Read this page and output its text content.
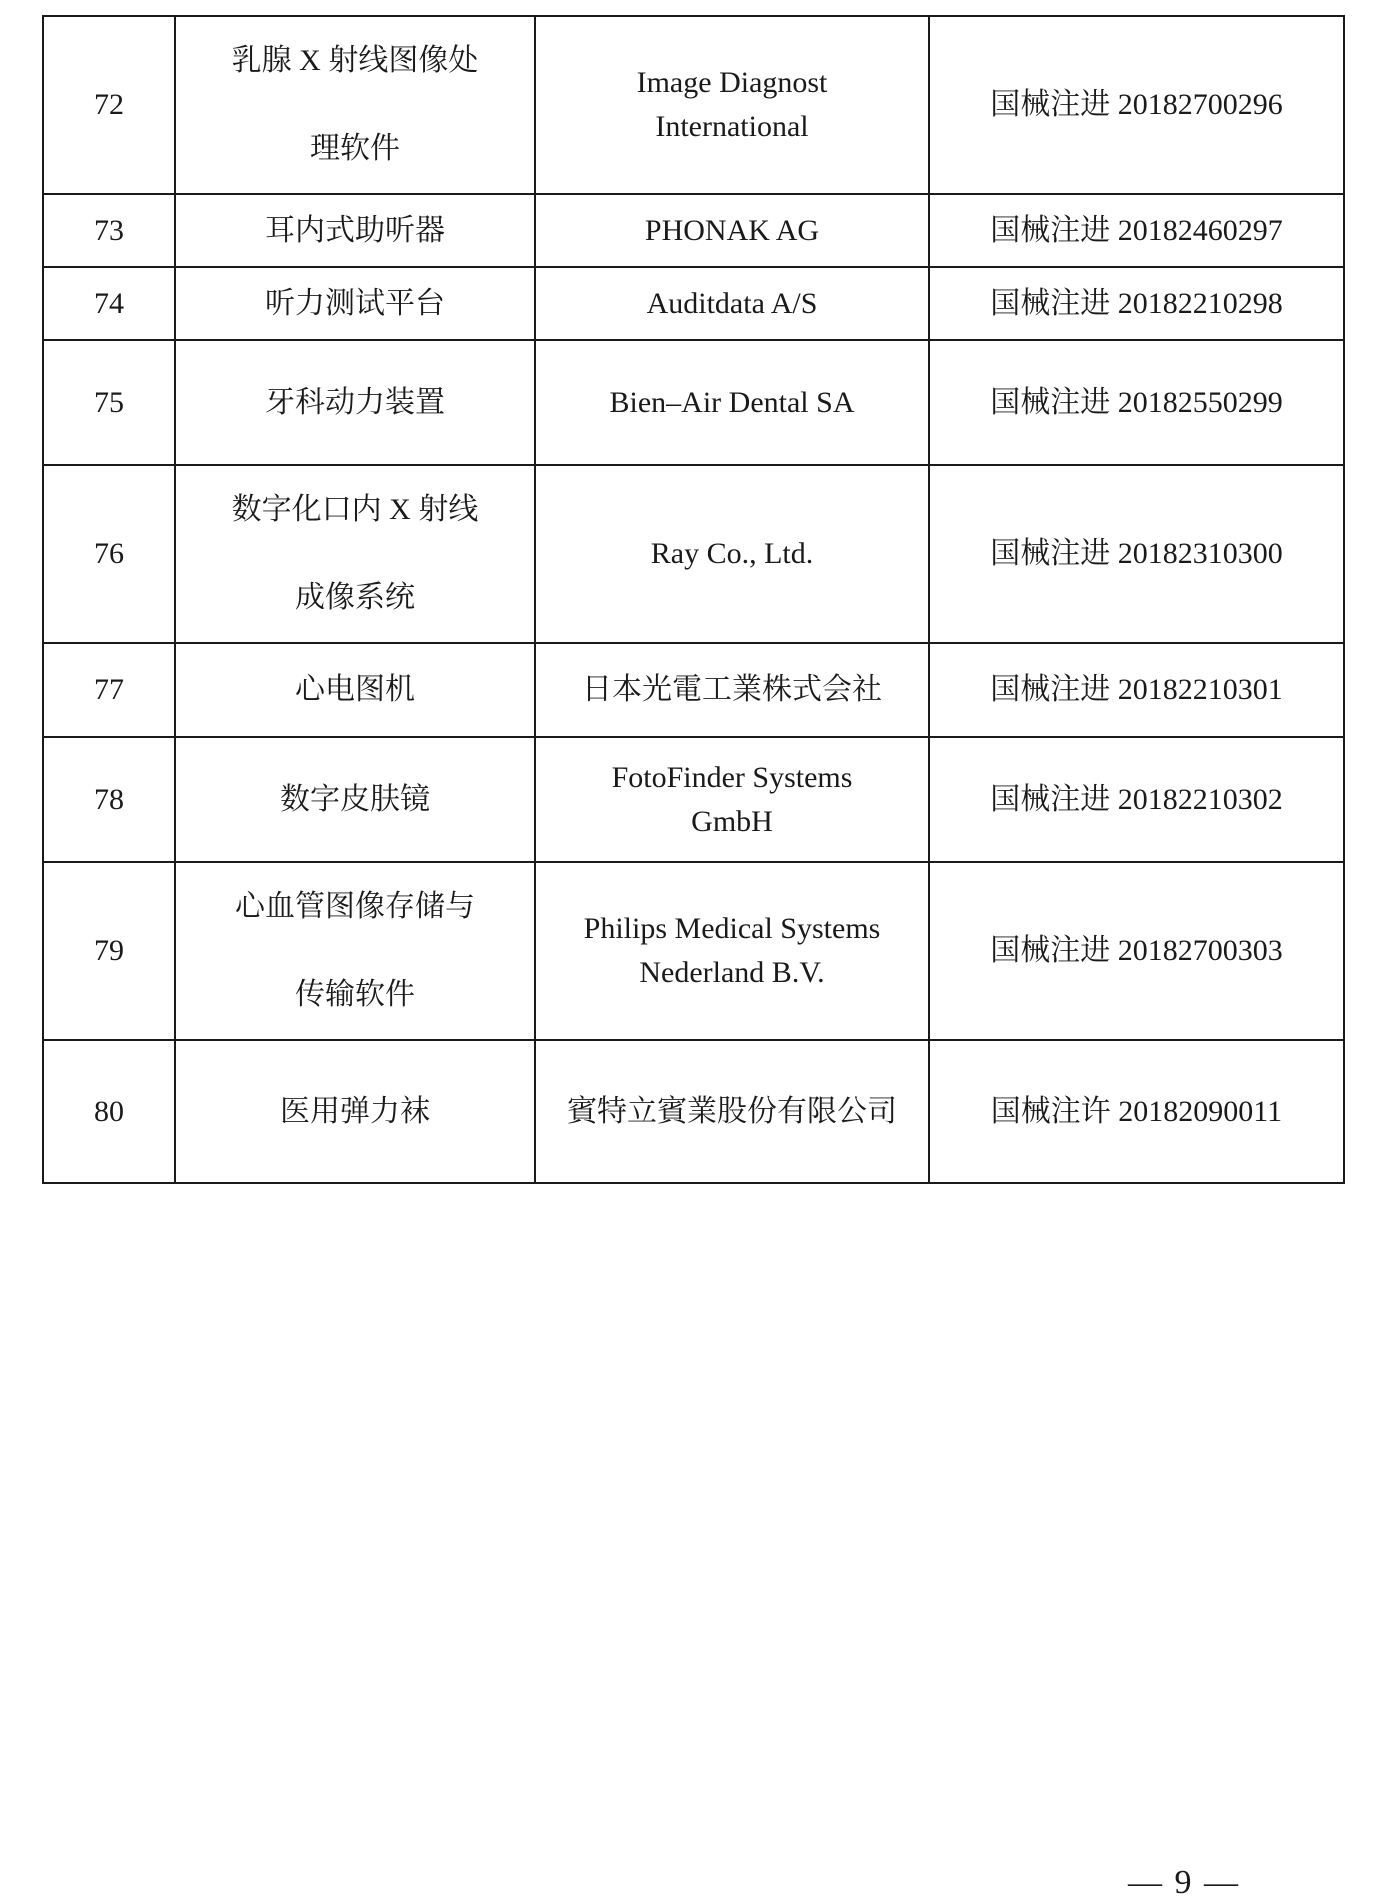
72	乳腺 X 射线图像处理软件	Image Diagnost International	国械注进 20182700296
73	耳内式助听器	PHONAK AG	国械注进 20182460297
74	听力测试平台	Auditdata A/S	国械注进 20182210298
75	牙科动力装置	Bien–Air Dental SA	国械注进 20182550299
76	数字化口内 X 射线成像系统	Ray Co., Ltd.	国械注进 20182310300
77	心电图机	日本光電工業株式会社	国械注进 20182210301
78	数字皮肤镜	FotoFinder Systems GmbH	国械注进 20182210302
79	心血管图像存储与传输软件	Philips Medical Systems Nederland B.V.	国械注进 20182700303
80	医用弹力袜	賓特立賓業股份有限公司	国械注许 20182090011
— 9 —
